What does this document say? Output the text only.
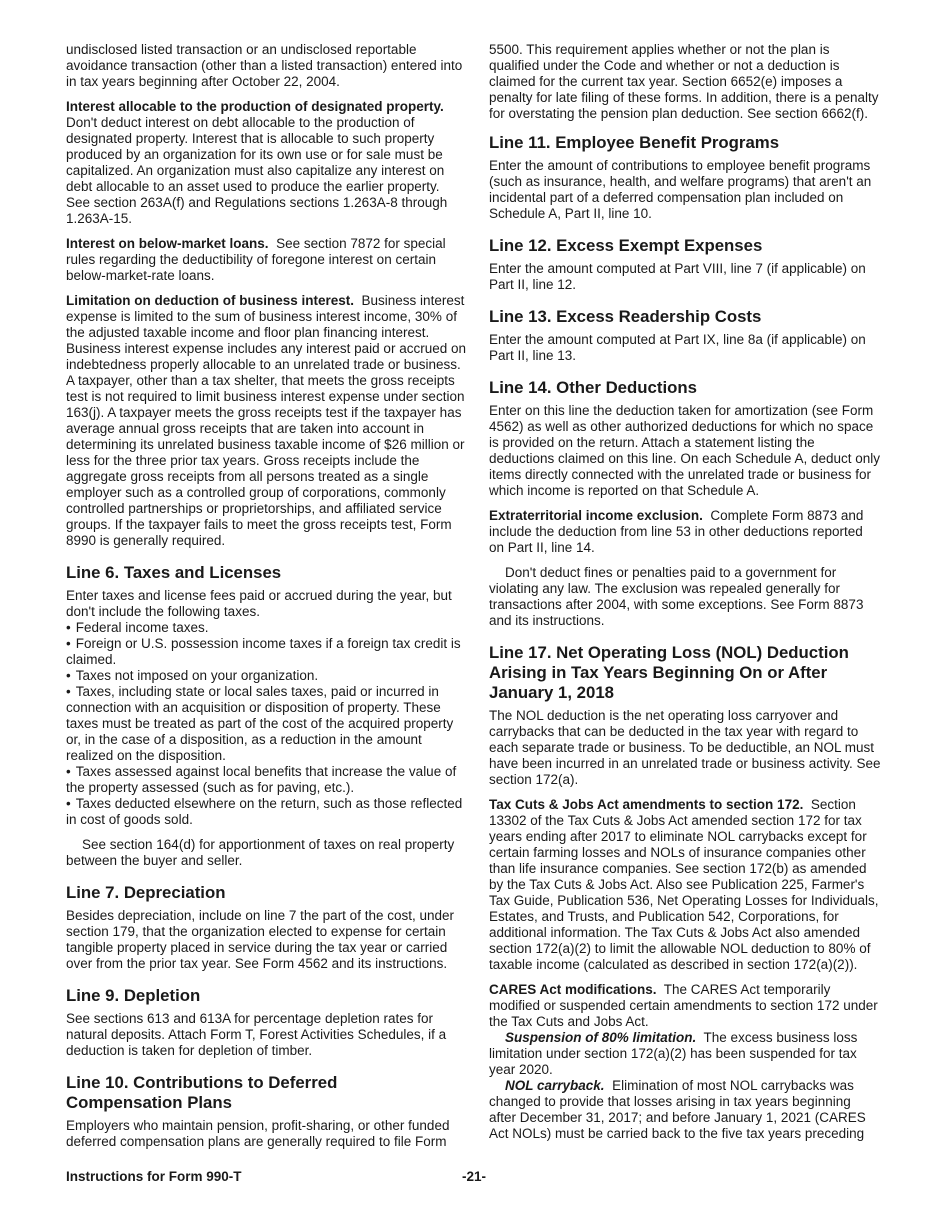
undisclosed listed transaction or an undisclosed reportable avoidance transaction (other than a listed transaction) entered into in tax years beginning after October 22, 2004.

Interest allocable to the production of designated property. Don't deduct interest on debt allocable to the production of designated property. Interest that is allocable to such property produced by an organization for its own use or for sale must be capitalized. An organization must also capitalize any interest on debt allocable to an asset used to produce the earlier property. See section 263A(f) and Regulations sections 1.263A-8 through 1.263A-15.

Interest on below-market loans. See section 7872 for special rules regarding the deductibility of foregone interest on certain below-market-rate loans.

Limitation on deduction of business interest. Business interest expense is limited to the sum of business interest income, 30% of the adjusted taxable income and floor plan financing interest. Business interest expense includes any interest paid or accrued on indebtedness properly allocable to an unrelated trade or business. A taxpayer, other than a tax shelter, that meets the gross receipts test is not required to limit business interest expense under section 163(j). A taxpayer meets the gross receipts test if the taxpayer has average annual gross receipts that are taken into account in determining its unrelated business taxable income of $26 million or less for the three prior tax years. Gross receipts include the aggregate gross receipts from all persons treated as a single employer such as a controlled group of corporations, commonly controlled partnerships or proprietorships, and affiliated service groups. If the taxpayer fails to meet the gross receipts test, Form 8990 is generally required.

Line 6. Taxes and Licenses

Enter taxes and license fees paid or accrued during the year, but don't include the following taxes.

• Federal income taxes.
• Foreign or U.S. possession income taxes if a foreign tax credit is claimed.
• Taxes not imposed on your organization.
• Taxes, including state or local sales taxes, paid or incurred in connection with an acquisition or disposition of property. These taxes must be treated as part of the cost of the acquired property or, in the case of a disposition, as a reduction in the amount realized on the disposition.
• Taxes assessed against local benefits that increase the value of the property assessed (such as for paving, etc.).
• Taxes deducted elsewhere on the return, such as those reflected in cost of goods sold.

See section 164(d) for apportionment of taxes on real property between the buyer and seller.

Line 7. Depreciation

Besides depreciation, include on line 7 the part of the cost, under section 179, that the organization elected to expense for certain tangible property placed in service during the tax year or carried over from the prior tax year. See Form 4562 and its instructions.

Line 9. Depletion

See sections 613 and 613A for percentage depletion rates for natural deposits. Attach Form T, Forest Activities Schedules, if a deduction is taken for depletion of timber.

Line 10. Contributions to Deferred
Compensation Plans

Employers who maintain pension, profit-sharing, or other funded deferred compensation plans are generally required to file Form

5500. This requirement applies whether or not the plan is qualified under the Code and whether or not a deduction is claimed for the current tax year. Section 6652(e) imposes a penalty for late filing of these forms. In addition, there is a penalty for overstating the pension plan deduction. See section 6662(f).

Line 11. Employee Benefit Programs

Enter the amount of contributions to employee benefit programs (such as insurance, health, and welfare programs) that aren't an incidental part of a deferred compensation plan included on Schedule A, Part II, line 10.

Line 12. Excess Exempt Expenses

Enter the amount computed at Part VIII, line 7 (if applicable) on Part II, line 12.

Line 13. Excess Readership Costs

Enter the amount computed at Part IX, line 8a (if applicable) on Part II, line 13.

Line 14. Other Deductions

Enter on this line the deduction taken for amortization (see Form 4562) as well as other authorized deductions for which no space is provided on the return. Attach a statement listing the deductions claimed on this line. On each Schedule A, deduct only items directly connected with the unrelated trade or business for which income is reported on that Schedule A.

Extraterritorial income exclusion. Complete Form 8873 and include the deduction from line 53 in other deductions reported on Part II, line 14.

Don't deduct fines or penalties paid to a government for violating any law. The exclusion was repealed generally for transactions after 2004, with some exceptions. See Form 8873 and its instructions.

Line 17. Net Operating Loss (NOL) Deduction
Arising in Tax Years Beginning On or After
January 1, 2018

The NOL deduction is the net operating loss carryover and carrybacks that can be deducted in the tax year with regard to each separate trade or business. To be deductible, an NOL must have been incurred in an unrelated trade or business activity. See section 172(a).

Tax Cuts & Jobs Act amendments to section 172. Section 13302 of the Tax Cuts & Jobs Act amended section 172 for tax years ending after 2017 to eliminate NOL carrybacks except for certain farming losses and NOLs of insurance companies other than life insurance companies. See section 172(b) as amended by the Tax Cuts & Jobs Act. Also see Publication 225, Farmer's Tax Guide, Publication 536, Net Operating Losses for Individuals, Estates, and Trusts, and Publication 542, Corporations, for additional information. The Tax Cuts & Jobs Act also amended section 172(a)(2) to limit the allowable NOL deduction to 80% of taxable income (calculated as described in section 172(a)(2)).

CARES Act modifications. The CARES Act temporarily modified or suspended certain amendments to section 172 under the Tax Cuts and Jobs Act.

Suspension of 80% limitation. The excess business loss limitation under section 172(a)(2) has been suspended for tax year 2020.

NOL carryback. Elimination of most NOL carrybacks was changed to provide that losses arising in tax years beginning after December 31, 2017; and before January 1, 2021 (CARES Act NOLs) must be carried back to the five tax years preceding

Instructions for Form 990-T	-21-
